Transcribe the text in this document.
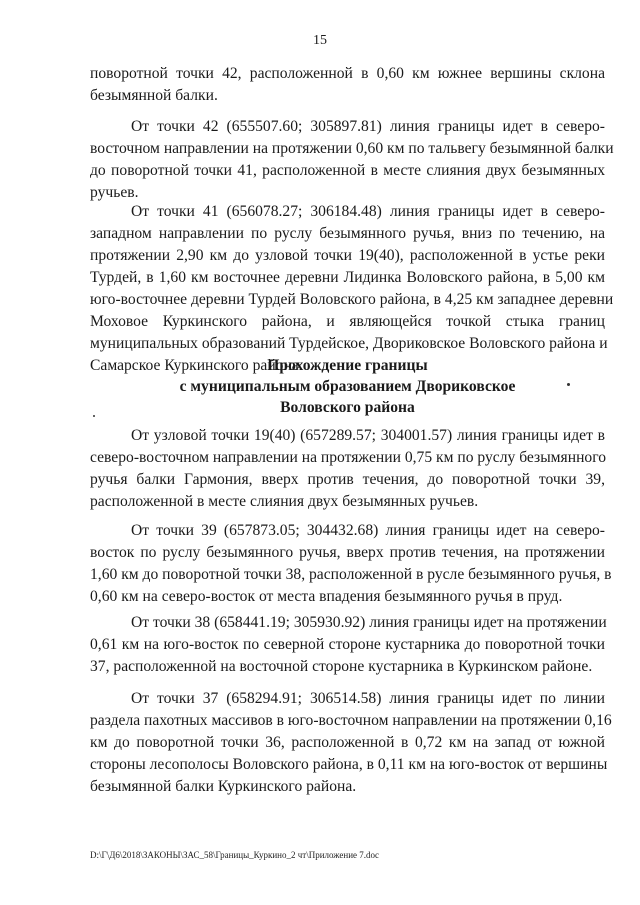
15
поворотной точки 42, расположенной в 0,60 км южнее вершины склона
безымянной балки.
От точки 42 (655507.60; 305897.81) линия границы идет в северо-
восточном направлении на протяжении 0,60 км по тальвегу безымянной балки
до поворотной точки 41, расположенной в месте слияния двух безымянных
ручьев.
От точки 41 (656078.27; 306184.48) линия границы идет в северо-
западном направлении по руслу безымянного ручья, вниз по течению, на
протяжении 2,90 км до узловой точки 19(40), расположенной в устье реки
Турдей, в 1,60 км восточнее деревни Лидинка Воловского района, в 5,00 км
юго-восточнее деревни Турдей Воловского района, в 4,25 км западнее деревни
Моховое Куркинского района, и являющейся точкой стыка границ
муниципальных образований Турдейское, Двориковское Воловского района и
Самарское Куркинского района.
Прохождение границы
с муниципальным образованием Двориковское
Воловского района
От узловой точки 19(40) (657289.57; 304001.57) линия границы идет в
северо-восточном направлении на протяжении 0,75 км по руслу безымянного
ручья балки Гармония, вверх против течения, до поворотной точки 39,
расположенной в месте слияния двух безымянных ручьев.
От точки 39 (657873.05; 304432.68) линия границы идет на северо-
восток по руслу безымянного ручья, вверх против течения, на протяжении
1,60 км до поворотной точки 38, расположенной в русле безымянного ручья, в
0,60 км на северо-восток от места впадения безымянного ручья в пруд.
От точки 38 (658441.19; 305930.92) линия границы идет на протяжении
0,61 км на юго-восток по северной стороне кустарника до поворотной точки
37, расположенной на восточной стороне кустарника в Куркинском районе.
От точки 37 (658294.91; 306514.58) линия границы идет по линии
раздела пахотных массивов в юго-восточном направлении на протяжении 0,16
км до поворотной точки 36, расположенной в 0,72 км на запад от южной
стороны лесополосы Воловского района, в 0,11 км на юго-восток от вершины
безымянной балки Куркинского района.
D:\Г\Д6\2018\ЗАКОНЫ\ЗАС_58\Границы_Куркино_2 чт\Приложение 7.doc
